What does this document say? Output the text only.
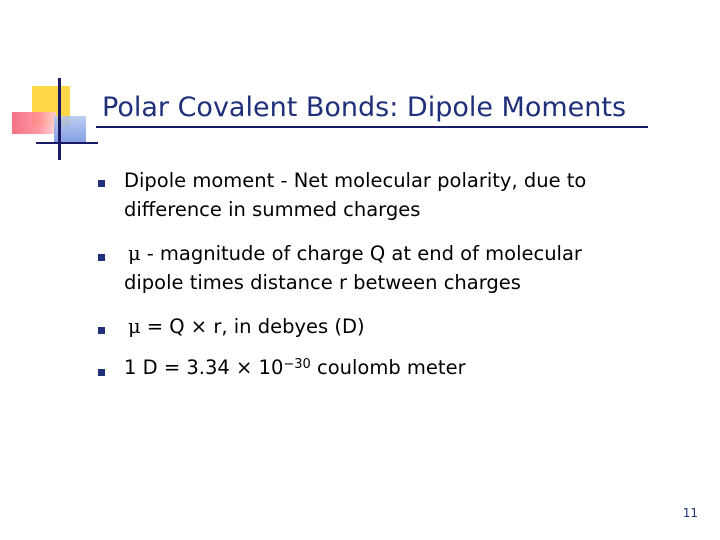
Polar Covalent Bonds: Dipole Moments
Dipole moment - Net molecular polarity, due to
difference in summed charges
μ - magnitude of charge Q at end of molecular
dipole times distance r between charges
μ = Q × r, in debyes (D)
1 $D = 3.34 \times 10^{-30}$ coulomb meter
11
